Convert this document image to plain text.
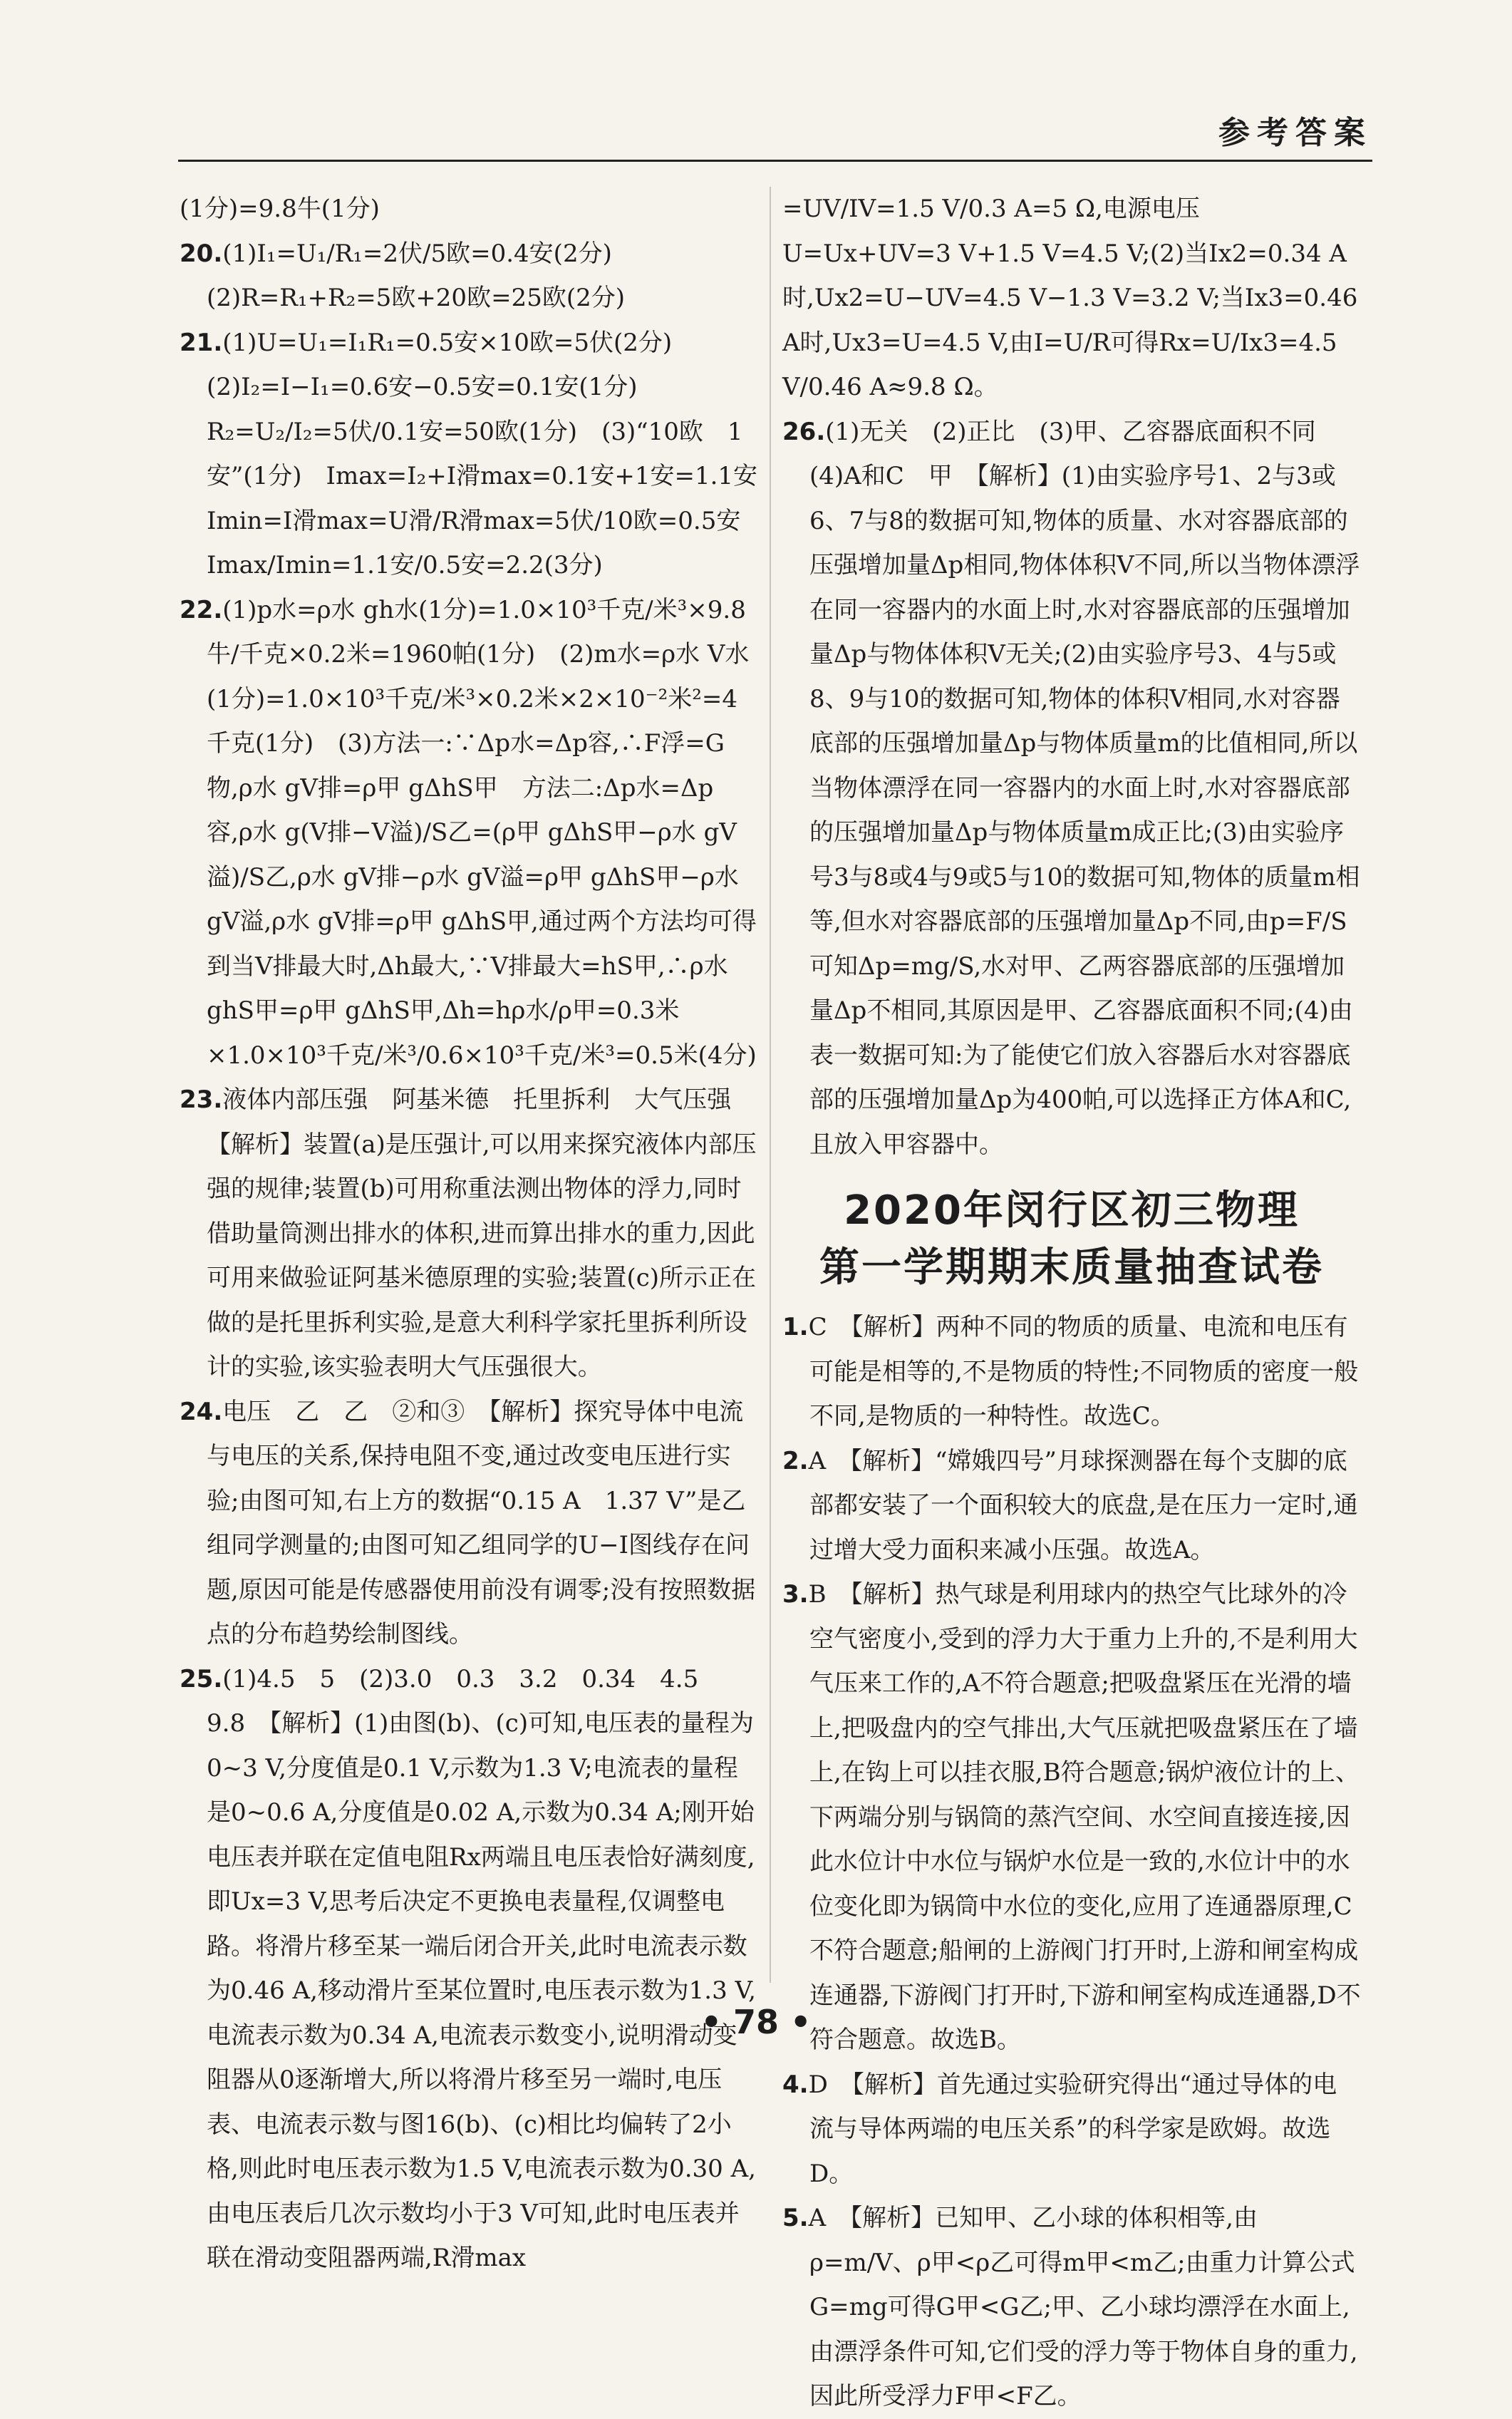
参考答案

(1分)=9.8牛(1分)

20.(1)I₁=U₁/R₁=2伏/5欧=0.4安(2分)　(2)R=R₁+R₂=5欧+20欧=25欧(2分)

21.(1)U=U₁=I₁R₁=0.5安×10欧=5伏(2分)　(2)I₂=I−I₁=0.6安−0.5安=0.1安(1分)　R₂=U₂/I₂=5伏/0.1安=50欧(1分)　(3)“10欧　1安”(1分)　Imax=I₂+I滑max=0.1安+1安=1.1安　Imin=I滑max=U滑/R滑max=5伏/10欧=0.5安　Imax/Imin=1.1安/0.5安=2.2(3分)

22.(1)p水=ρ水 gh水(1分)=1.0×10³千克/米³×9.8牛/千克×0.2米=1960帕(1分)　(2)m水=ρ水 V水(1分)=1.0×10³千克/米³×0.2米×2×10⁻²米²=4千克(1分)　(3)方法一:∵Δp水=Δp容,∴F浮=G物,ρ水 gV排=ρ甲 gΔhS甲　方法二:Δp水=Δp容,ρ水 g(V排−V溢)/S乙=(ρ甲 gΔhS甲−ρ水 gV溢)/S乙,ρ水 gV排−ρ水 gV溢=ρ甲 gΔhS甲−ρ水 gV溢,ρ水 gV排=ρ甲 gΔhS甲,通过两个方法均可得到当V排最大时,Δh最大,∵V排最大=hS甲,∴ρ水 ghS甲=ρ甲 gΔhS甲,Δh=hρ水/ρ甲=0.3米×1.0×10³千克/米³/0.6×10³千克/米³=0.5米(4分)

23.液体内部压强　阿基米德　托里拆利　大气压强　【解析】装置(a)是压强计,可以用来探究液体内部压强的规律;装置(b)可用称重法测出物体的浮力,同时借助量筒测出排水的体积,进而算出排水的重力,因此可用来做验证阿基米德原理的实验;装置(c)所示正在做的是托里拆利实验,是意大利科学家托里拆利所设计的实验,该实验表明大气压强很大。

24.电压　乙　乙　②和③　【解析】探究导体中电流与电压的关系,保持电阻不变,通过改变电压进行实验;由图可知,右上方的数据“0.15 A　1.37 V”是乙组同学测量的;由图可知乙组同学的U−I图线存在问题,原因可能是传感器使用前没有调零;没有按照数据点的分布趋势绘制图线。

25.(1)4.5　5　(2)3.0　0.3　3.2　0.34　4.5　9.8　【解析】(1)由图(b)、(c)可知,电压表的量程为0~3 V,分度值是0.1 V,示数为1.3 V;电流表的量程是0~0.6 A,分度值是0.02 A,示数为0.34 A;刚开始电压表并联在定值电阻Rx两端且电压表恰好满刻度,即Ux=3 V,思考后决定不更换电表量程,仅调整电路。将滑片移至某一端后闭合开关,此时电流表示数为0.46 A,移动滑片至某位置时,电压表示数为1.3 V,电流表示数为0.34 A,电流表示数变小,说明滑动变阻器从0逐渐增大,所以将滑片移至另一端时,电压表、电流表示数与图16(b)、(c)相比均偏转了2小格,则此时电压表示数为1.5 V,电流表示数为0.30 A,由电压表后几次示数均小于3 V可知,此时电压表并联在滑动变阻器两端,R滑max

=UV/IV=1.5 V/0.3 A=5 Ω,电源电压U=Ux+UV=3 V+1.5 V=4.5 V;(2)当Ix2=0.34 A时,Ux2=U−UV=4.5 V−1.3 V=3.2 V;当Ix3=0.46 A时,Ux3=U=4.5 V,由I=U/R可得Rx=U/Ix3=4.5 V/0.46 A≈9.8 Ω。

26.(1)无关　(2)正比　(3)甲、乙容器底面积不同　(4)A和C　甲　【解析】(1)由实验序号1、2与3或6、7与8的数据可知,物体的质量、水对容器底部的压强增加量Δp相同,物体体积V不同,所以当物体漂浮在同一容器内的水面上时,水对容器底部的压强增加量Δp与物体体积V无关;(2)由实验序号3、4与5或8、9与10的数据可知,物体的体积V相同,水对容器底部的压强增加量Δp与物体质量m的比值相同,所以当物体漂浮在同一容器内的水面上时,水对容器底部的压强增加量Δp与物体质量m成正比;(3)由实验序号3与8或4与9或5与10的数据可知,物体的质量m相等,但水对容器底部的压强增加量Δp不同,由p=F/S可知Δp=mg/S,水对甲、乙两容器底部的压强增加量Δp不相同,其原因是甲、乙容器底面积不同;(4)由表一数据可知:为了能使它们放入容器后水对容器底部的压强增加量Δp为400帕,可以选择正方体A和C,且放入甲容器中。

2020年闵行区初三物理
第一学期期末质量抽查试卷

1.C　【解析】两种不同的物质的质量、电流和电压有可能是相等的,不是物质的特性;不同物质的密度一般不同,是物质的一种特性。故选C。

2.A　【解析】“嫦娥四号”月球探测器在每个支脚的底部都安装了一个面积较大的底盘,是在压力一定时,通过增大受力面积来减小压强。故选A。

3.B　【解析】热气球是利用球内的热空气比球外的冷空气密度小,受到的浮力大于重力上升的,不是利用大气压来工作的,A不符合题意;把吸盘紧压在光滑的墙上,把吸盘内的空气排出,大气压就把吸盘紧压在了墙上,在钩上可以挂衣服,B符合题意;锅炉液位计的上、下两端分别与锅筒的蒸汽空间、水空间直接连接,因此水位计中水位与锅炉水位是一致的,水位计中的水位变化即为锅筒中水位的变化,应用了连通器原理,C不符合题意;船闸的上游阀门打开时,上游和闸室构成连通器,下游阀门打开时,下游和闸室构成连通器,D不符合题意。故选B。

4.D　【解析】首先通过实验研究得出“通过导体的电流与导体两端的电压关系”的科学家是欧姆。故选D。

5.A　【解析】已知甲、乙小球的体积相等,由ρ=m/V、ρ甲<ρ乙可得m甲<m乙;由重力计算公式G=mg可得G甲<G乙;甲、乙小球均漂浮在水面上,由漂浮条件可知,它们受的浮力等于物体自身的重力,因此所受浮力F甲<F乙。

• 78 •
